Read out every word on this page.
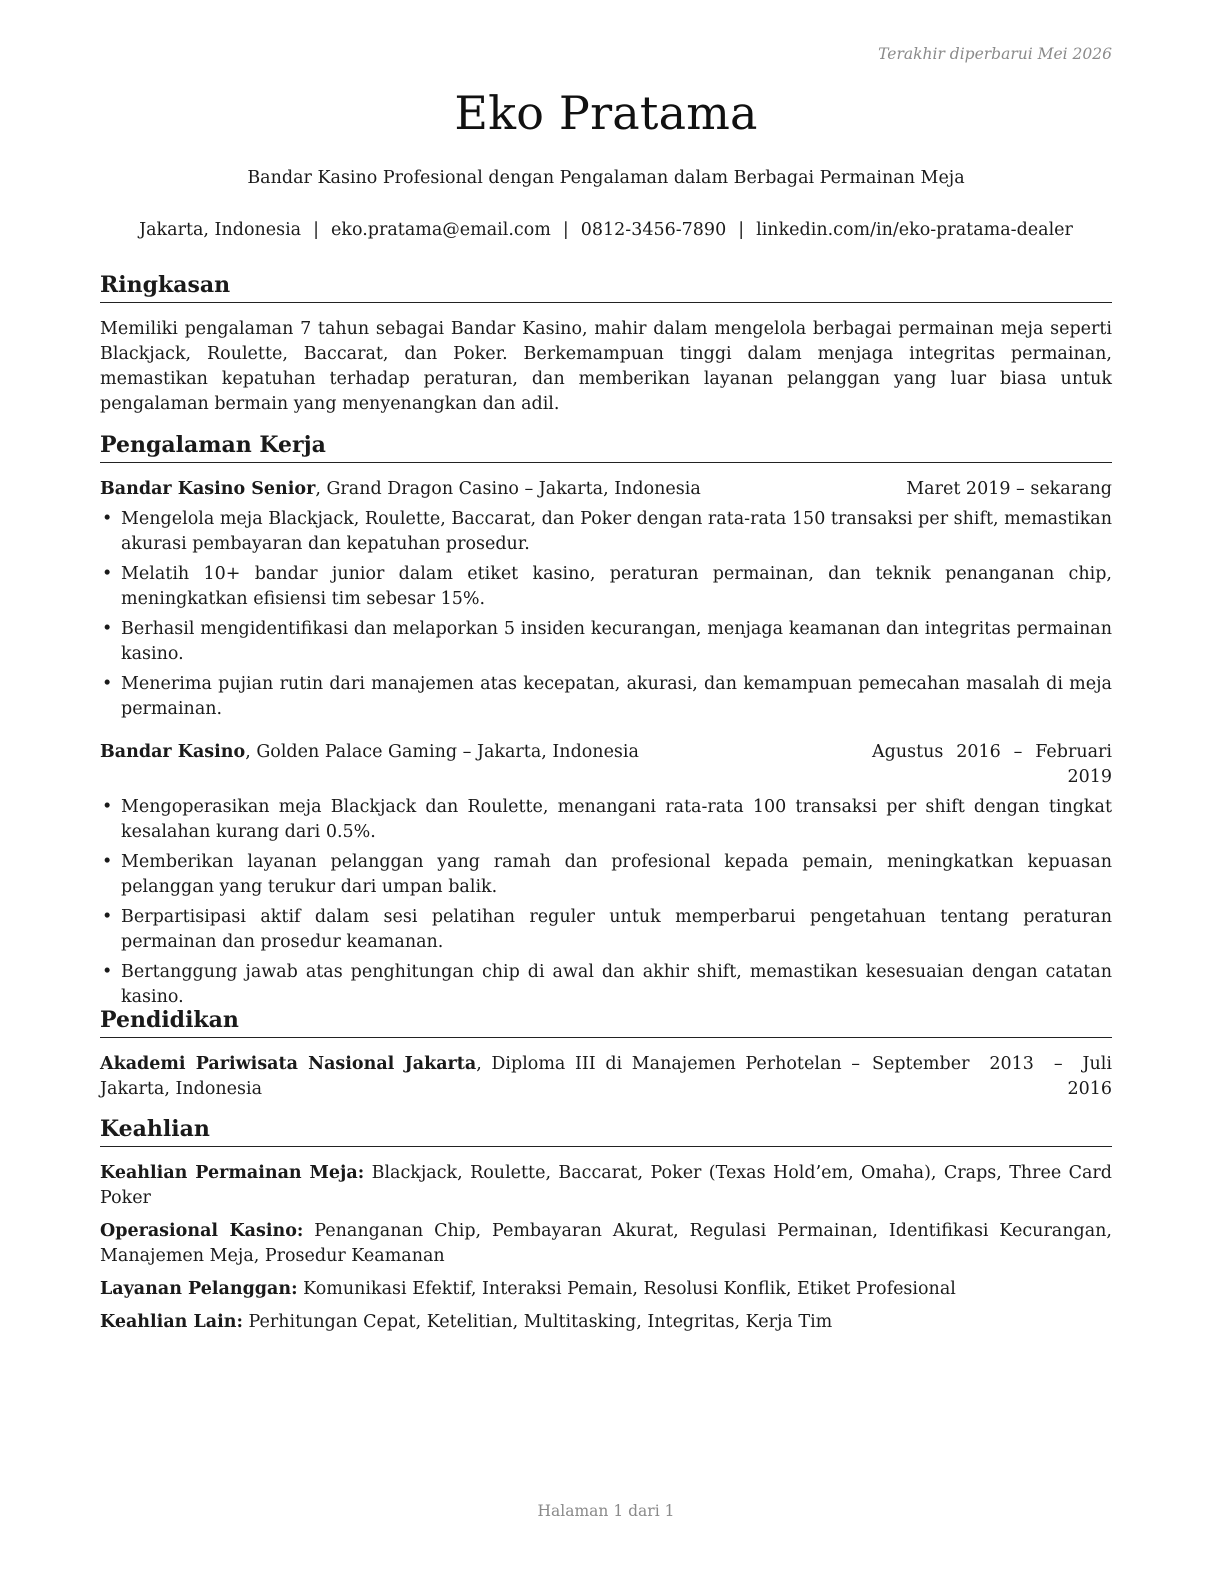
Terakhir diperbarui Mei 2026
Eko Pratama
Bandar Kasino Profesional dengan Pengalaman dalam Berbagai Permainan Meja
Jakarta, Indonesia | eko.pratama@email.com | 0812-3456-7890 | linkedin.com/in/eko-pratama-dealer
Ringkasan
Memiliki pengalaman 7 tahun sebagai Bandar Kasino, mahir dalam mengelola berbagai permainan meja seperti Blackjack, Roulette, Baccarat, dan Poker. Berkemampuan tinggi dalam menjaga integritas permainan, memastikan kepatuhan terhadap peraturan, dan memberikan layanan pelanggan yang luar biasa untuk pengalaman bermain yang menyenangkan dan adil.
Pengalaman Kerja
Bandar Kasino Senior, Grand Dragon Casino – Jakarta, Indonesia	Maret 2019 – sekarang
• Mengelola meja Blackjack, Roulette, Baccarat, dan Poker dengan rata-rata 150 transaksi per shift, memastikan akurasi pembayaran dan kepatuhan prosedur.
• Melatih 10+ bandar junior dalam etiket kasino, peraturan permainan, dan teknik penanganan chip, meningkatkan efisiensi tim sebesar 15%.
• Berhasil mengidentifikasi dan melaporkan 5 insiden kecurangan, menjaga keamanan dan integritas permainan kasino.
• Menerima pujian rutin dari manajemen atas kecepatan, akurasi, dan kemampuan pemecahan masalah di meja permainan.
Bandar Kasino, Golden Palace Gaming – Jakarta, Indonesia	Agustus 2016 – Februari 2019
• Mengoperasikan meja Blackjack dan Roulette, menangani rata-rata 100 transaksi per shift dengan tingkat kesalahan kurang dari 0.5%.
• Memberikan layanan pelanggan yang ramah dan profesional kepada pemain, meningkatkan kepuasan pelanggan yang terukur dari umpan balik.
• Berpartisipasi aktif dalam sesi pelatihan reguler untuk memperbarui pengetahuan tentang peraturan permainan dan prosedur keamanan.
• Bertanggung jawab atas penghitungan chip di awal dan akhir shift, memastikan kesesuaian dengan catatan kasino.
Pendidikan
Akademi Pariwisata Nasional Jakarta, Diploma III di Manajemen Perhotelan – Jakarta, Indonesia
September 2013 – Juli 2016
Keahlian
Keahlian Permainan Meja: Blackjack, Roulette, Baccarat, Poker (Texas Hold’em, Omaha), Craps, Three Card Poker
Operasional Kasino: Penanganan Chip, Pembayaran Akurat, Regulasi Permainan, Identifikasi Kecurangan, Manajemen Meja, Prosedur Keamanan
Layanan Pelanggan: Komunikasi Efektif, Interaksi Pemain, Resolusi Konflik, Etiket Profesional
Keahlian Lain: Perhitungan Cepat, Ketelitian, Multitasking, Integritas, Kerja Tim
Halaman 1 dari 1
